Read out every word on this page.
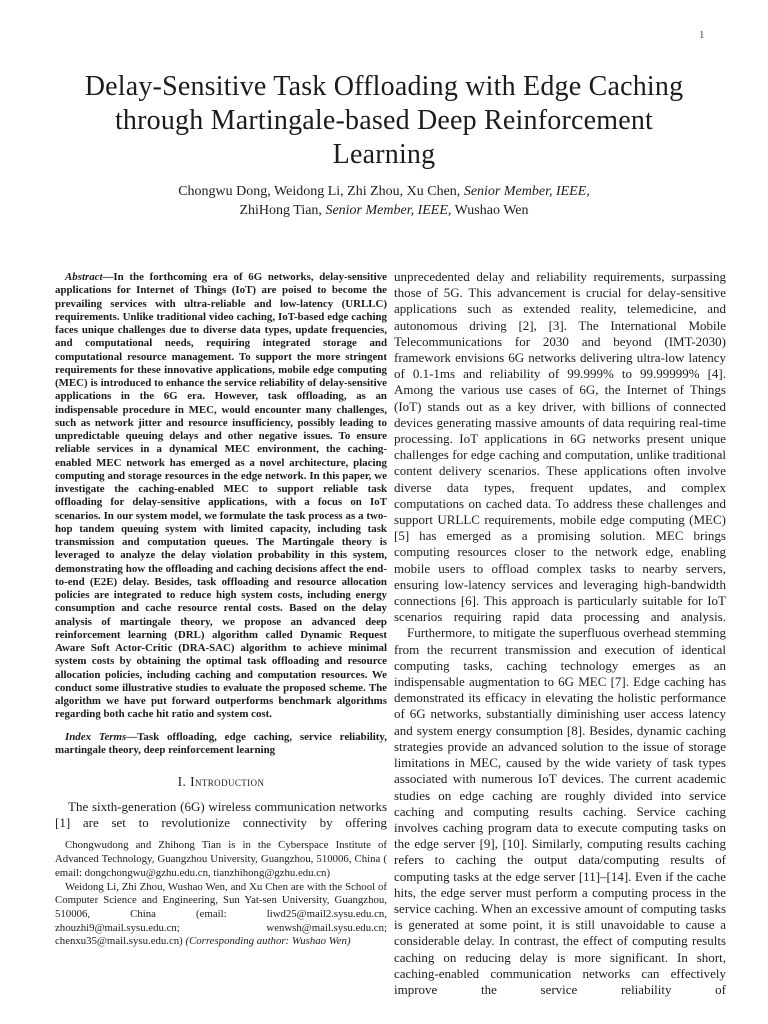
1
Delay-Sensitive Task Offloading with Edge Caching
through Martingale-based Deep Reinforcement
Learning
Chongwu Dong, Weidong Li, Zhi Zhou, Xu Chen, Senior Member, IEEE,
ZhiHong Tian, Senior Member, IEEE, Wushao Wen

Abstract—In the forthcoming era of 6G networks, delay-sensitive applications for Internet of Things (IoT) are poised to become the prevailing services with ultra-reliable and low-latency (URLLC) requirements. Unlike traditional video caching, IoT-based edge caching faces unique challenges due to diverse data types, update frequencies, and computational needs, requiring integrated storage and computational resource management. To support the more stringent requirements for these innovative applications, mobile edge computing (MEC) is introduced to enhance the service reliability of delay-sensitive applications in the 6G era. However, task offloading, as an indispensable procedure in MEC, would encounter many challenges, such as network jitter and resource insufficiency, possibly leading to unpredictable queuing delays and other negative issues. To ensure reliable services in a dynamical MEC environment, the caching-enabled MEC network has emerged as a novel architecture, placing computing and storage resources in the edge network. In this paper, we investigate the caching-enabled MEC to support reliable task offloading for delay-sensitive applications, with a focus on IoT scenarios. In our system model, we formulate the task process as a two-hop tandem queuing system with limited capacity, including task transmission and computation queues. The Martingale theory is leveraged to analyze the delay violation probability in this system, demonstrating how the offloading and caching decisions affect the end-to-end (E2E) delay. Besides, task offloading and resource allocation policies are integrated to reduce high system costs, including energy consumption and cache resource rental costs. Based on the delay analysis of martingale theory, we propose an advanced deep reinforcement learning (DRL) algorithm called Dynamic Request Aware Soft Actor-Critic (DRA-SAC) algorithm to achieve minimal system costs by obtaining the optimal task offloading and resource allocation policies, including caching and computation resources. We conduct some illustrative studies to evaluate the proposed scheme. The algorithm we have put forward outperforms benchmark algorithms regarding both cache hit ratio and system cost.

Index Terms—Task offloading, edge caching, service reliability, martingale theory, deep reinforcement learning

I. Introduction

The sixth-generation (6G) wireless communication networks [1] are set to revolutionize connectivity by offering

Chongwudong and Zhihong Tian is in the Cyberspace Institute of Advanced Technology, Guangzhou University, Guangzhou, 510006, China ( email: dongchongwu@gzhu.edu.cn, tianzhihong@gzhu.edu.cn)

Weidong Li, Zhi Zhou, Wushao Wen, and Xu Chen are with the School of Computer Science and Engineering, Sun Yat-sen University, Guangzhou, 510006, China (email: liwd25@mail2.sysu.edu.cn, zhouzhi9@mail.sysu.edu.cn; wenwsh@mail.sysu.edu.cn; chenxu35@mail.sysu.edu.cn) (Corresponding author: Wushao Wen)

unprecedented delay and reliability requirements, surpassing those of 5G. This advancement is crucial for delay-sensitive applications such as extended reality, telemedicine, and autonomous driving [2], [3]. The International Mobile Telecommunications for 2030 and beyond (IMT-2030) framework envisions 6G networks delivering ultra-low latency of 0.1-1ms and reliability of 99.999% to 99.99999% [4]. Among the various use cases of 6G, the Internet of Things (IoT) stands out as a key driver, with billions of connected devices generating massive amounts of data requiring real-time processing. IoT applications in 6G networks present unique challenges for edge caching and computation, unlike traditional content delivery scenarios. These applications often involve diverse data types, frequent updates, and complex computations on cached data. To address these challenges and support URLLC requirements, mobile edge computing (MEC) [5] has emerged as a promising solution. MEC brings computing resources closer to the network edge, enabling mobile users to offload complex tasks to nearby servers, ensuring low-latency services and leveraging high-bandwidth connections [6]. This approach is particularly suitable for IoT scenarios requiring rapid data processing and analysis.

Furthermore, to mitigate the superfluous overhead stemming from the recurrent transmission and execution of identical computing tasks, caching technology emerges as an indispensable augmentation to 6G MEC [7]. Edge caching has demonstrated its efficacy in elevating the holistic performance of 6G networks, substantially diminishing user access latency and system energy consumption [8]. Besides, dynamic caching strategies provide an advanced solution to the issue of storage limitations in MEC, caused by the wide variety of task types associated with numerous IoT devices. The current academic studies on edge caching are roughly divided into service caching and computing results caching. Service caching involves caching program data to execute computing tasks on the edge server [9], [10]. Similarly, computing results caching refers to caching the output data/computing results of computing tasks at the edge server [11]–[14]. Even if the cache hits, the edge server must perform a computing process in the service caching. When an excessive amount of computing tasks is generated at some point, it is still unavoidable to cause a considerable delay. In contrast, the effect of computing results caching on reducing delay is more significant. In short, caching-enabled communication networks can effectively improve the service reliability of
